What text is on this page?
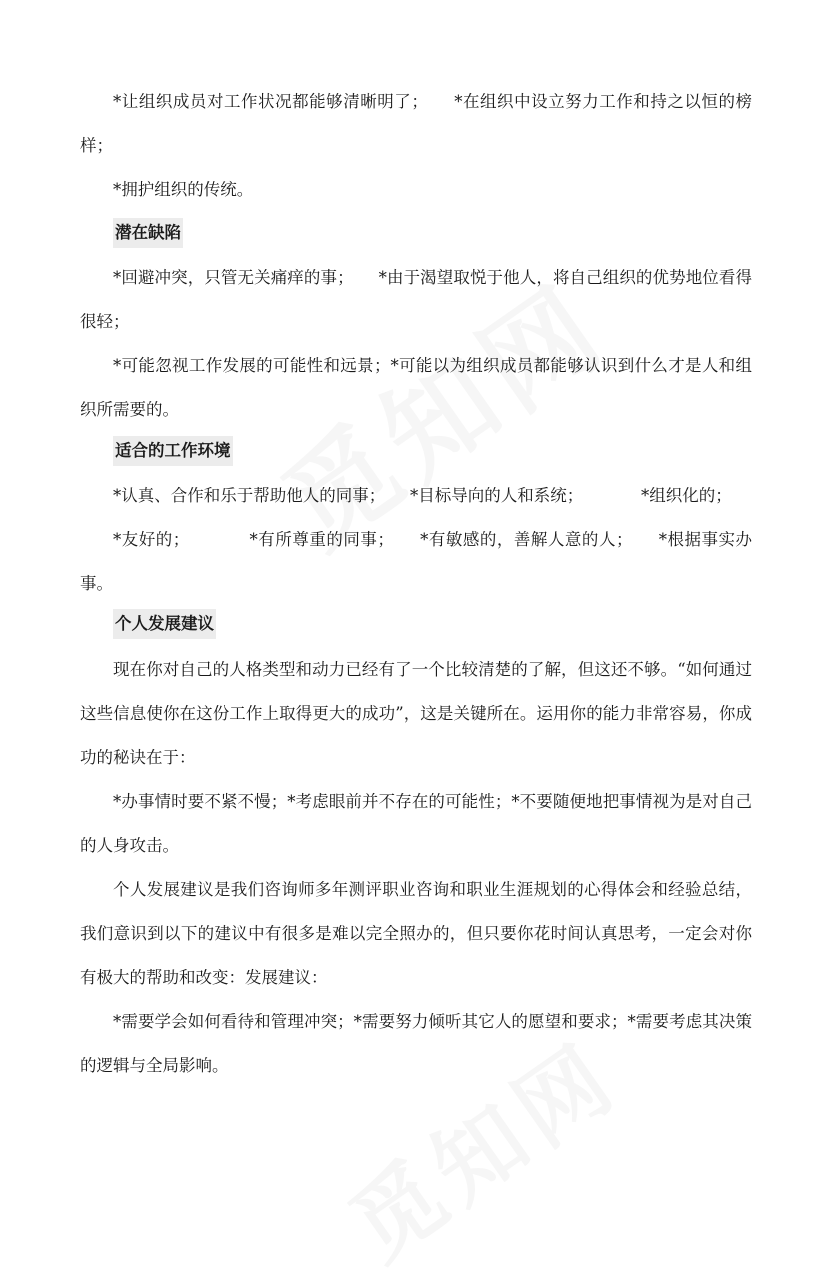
*让组织成员对工作状况都能够清晰明了；　　*在组织中设立努力工作和持之以恒的榜样；

*拥护组织的传统。

潜在缺陷

*回避冲突，只管无关痛痒的事；　　*由于渴望取悦于他人，将自己组织的优势地位看得很轻；

*可能忽视工作发展的可能性和远景；*可能以为组织成员都能够认识到什么才是人和组织所需要的。

适合的工作环境

*认真、合作和乐于帮助他人的同事；　　*目标导向的人和系统；　　　　*组织化的；

*友好的；　　　　*有所尊重的同事；　　*有敏感的，善解人意的人；　　*根据事实办事。

个人发展建议

现在你对自己的人格类型和动力已经有了一个比较清楚的了解，但这还不够。“如何通过这些信息使你在这份工作上取得更大的成功”，这是关键所在。运用你的能力非常容易，你成功的秘诀在于：

*办事情时要不紧不慢；*考虑眼前并不存在的可能性；*不要随便地把事情视为是对自己的人身攻击。

个人发展建议是我们咨询师多年测评职业咨询和职业生涯规划的心得体会和经验总结，我们意识到以下的建议中有很多是难以完全照办的，但只要你花时间认真思考，一定会对你有极大的帮助和改变：发展建议：

*需要学会如何看待和管理冲突；*需要努力倾听其它人的愿望和要求；*需要考虑其决策的逻辑与全局影响。
